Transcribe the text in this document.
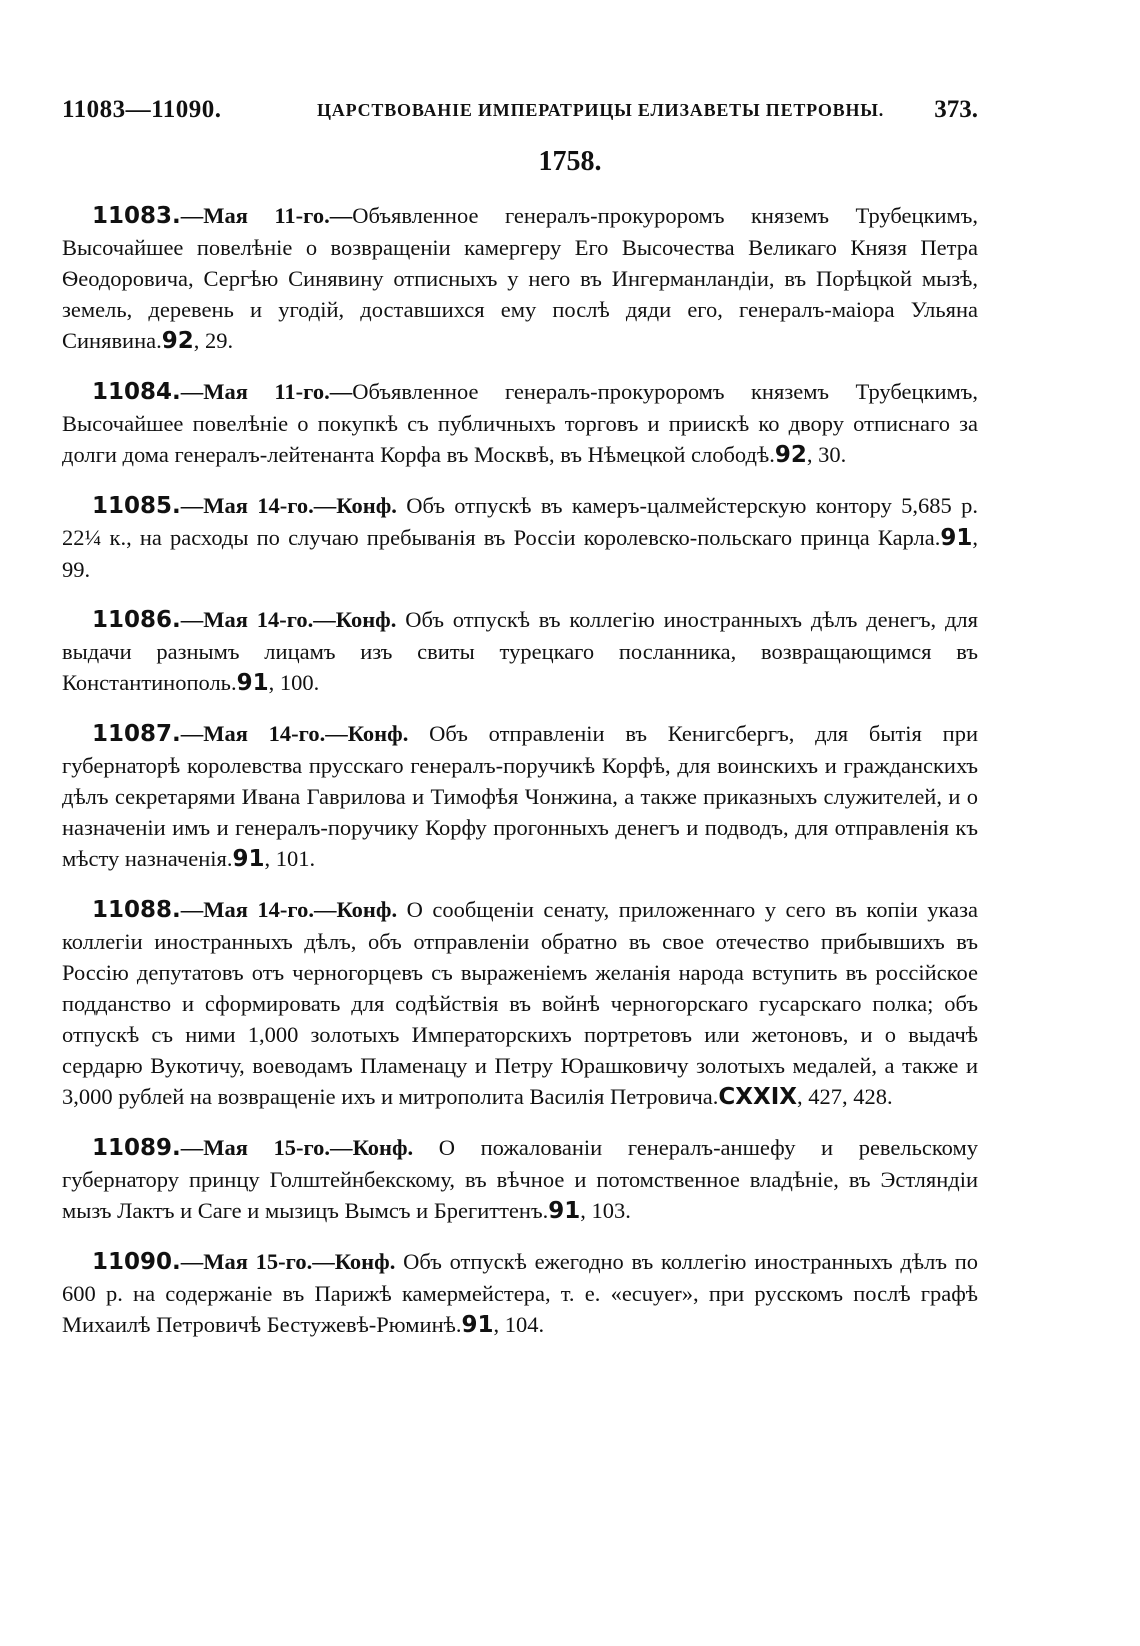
11083—11090.	ЦАРСТВОВАНІЕ ИМПЕРАТРИЦЫ ЕЛИЗАВЕТЫ ПЕТРОВНЫ. 373.
1758.

11083.—Мая 11-го.—Объявленное генералъ-прокуроромъ княземъ Трубецкимъ, Высочайшее повелѣніе о возвращеніи камергеру Его Высочества Великаго Князя Петра Ѳеодоровича, Сергѣю Синявину отписныхъ у него въ Ингерманландіи, въ Порѣцкой мызѣ, земель, деревень и угодій, доставшихся ему послѣ дяди его, генералъ-маіора Ульяна Синявина.92, 29.

11084.—Мая 11-го.—Объявленное генералъ-прокуроромъ княземъ Трубецкимъ, Высочайшее повелѣніе о покупкѣ съ публичныхъ торговъ и приискѣ ко двору отписнаго за долги дома генералъ-лейтенанта Корфа въ Москвѣ, въ Нѣмецкой слободѣ.92, 30.

11085.—Мая 14-го.—Конф. Объ отпускѣ въ камеръ-цалмейстерскую контору 5,685 р. 22¼ к., на расходы по случаю пребыванія въ Россіи королевско-польскаго принца Карла.91, 99.

11086.—Мая 14-го.—Конф. Объ отпускѣ въ коллегію иностранныхъ дѣлъ денегъ, для выдачи разнымъ лицамъ изъ свиты турецкаго посланника, возвращающимся въ Константинополь.91, 100.

11087.—Мая 14-го.—Конф. Объ отправленіи въ Кенигсбергъ, для бытія при губернаторѣ королевства прусскаго генералъ-поручикѣ Корфѣ, для воинскихъ и гражданскихъ дѣлъ секретарями Ивана Гаврилова и Тимофѣя Чонжина, а также приказныхъ служителей, и о назначеніи имъ и генералъ-поручику Корфу прогонныхъ денегъ и подводъ, для отправленія къ мѣсту назначенія.91, 101.

11088.—Мая 14-го.—Конф. О сообщеніи сенату, приложеннаго у сего въ копіи указа коллегіи иностранныхъ дѣлъ, объ отправленіи обратно въ свое отечество прибывшихъ въ Россію депутатовъ отъ черногорцевъ съ выраженіемъ желанія народа вступить въ россійское подданство и сформировать для содѣйствія въ войнѣ черногорскаго гусарскаго полка; объ отпускѣ съ ними 1,000 золотыхъ Императорскихъ портретовъ или жетоновъ, и о выдачѣ сердарю Вукотичу, воеводамъ Пламенацу и Петру Юрашковичу золотыхъ медалей, а также и 3,000 рублей на возвращеніе ихъ и митрополита Василія Петровича.CXXIX, 427, 428.

11089.—Мая 15-го.—Конф. О пожалованіи генералъ-аншефу и ревельскому губернатору принцу Голштейнбекскому, въ вѣчное и потомственное владѣніе, въ Эстляндіи мызъ Лактъ и Саге и мызицъ Вымсъ и Брегиттенъ.91, 103.

11090.—Мая 15-го.—Конф. Объ отпускѣ ежегодно въ коллегію иностранныхъ дѣлъ по 600 р. на содержаніе въ Парижѣ камермейстера, т. е. «ecuyer», при русскомъ послѣ графѣ Михаилѣ Петровичѣ Бестужевѣ-Рюминѣ.91, 104.
